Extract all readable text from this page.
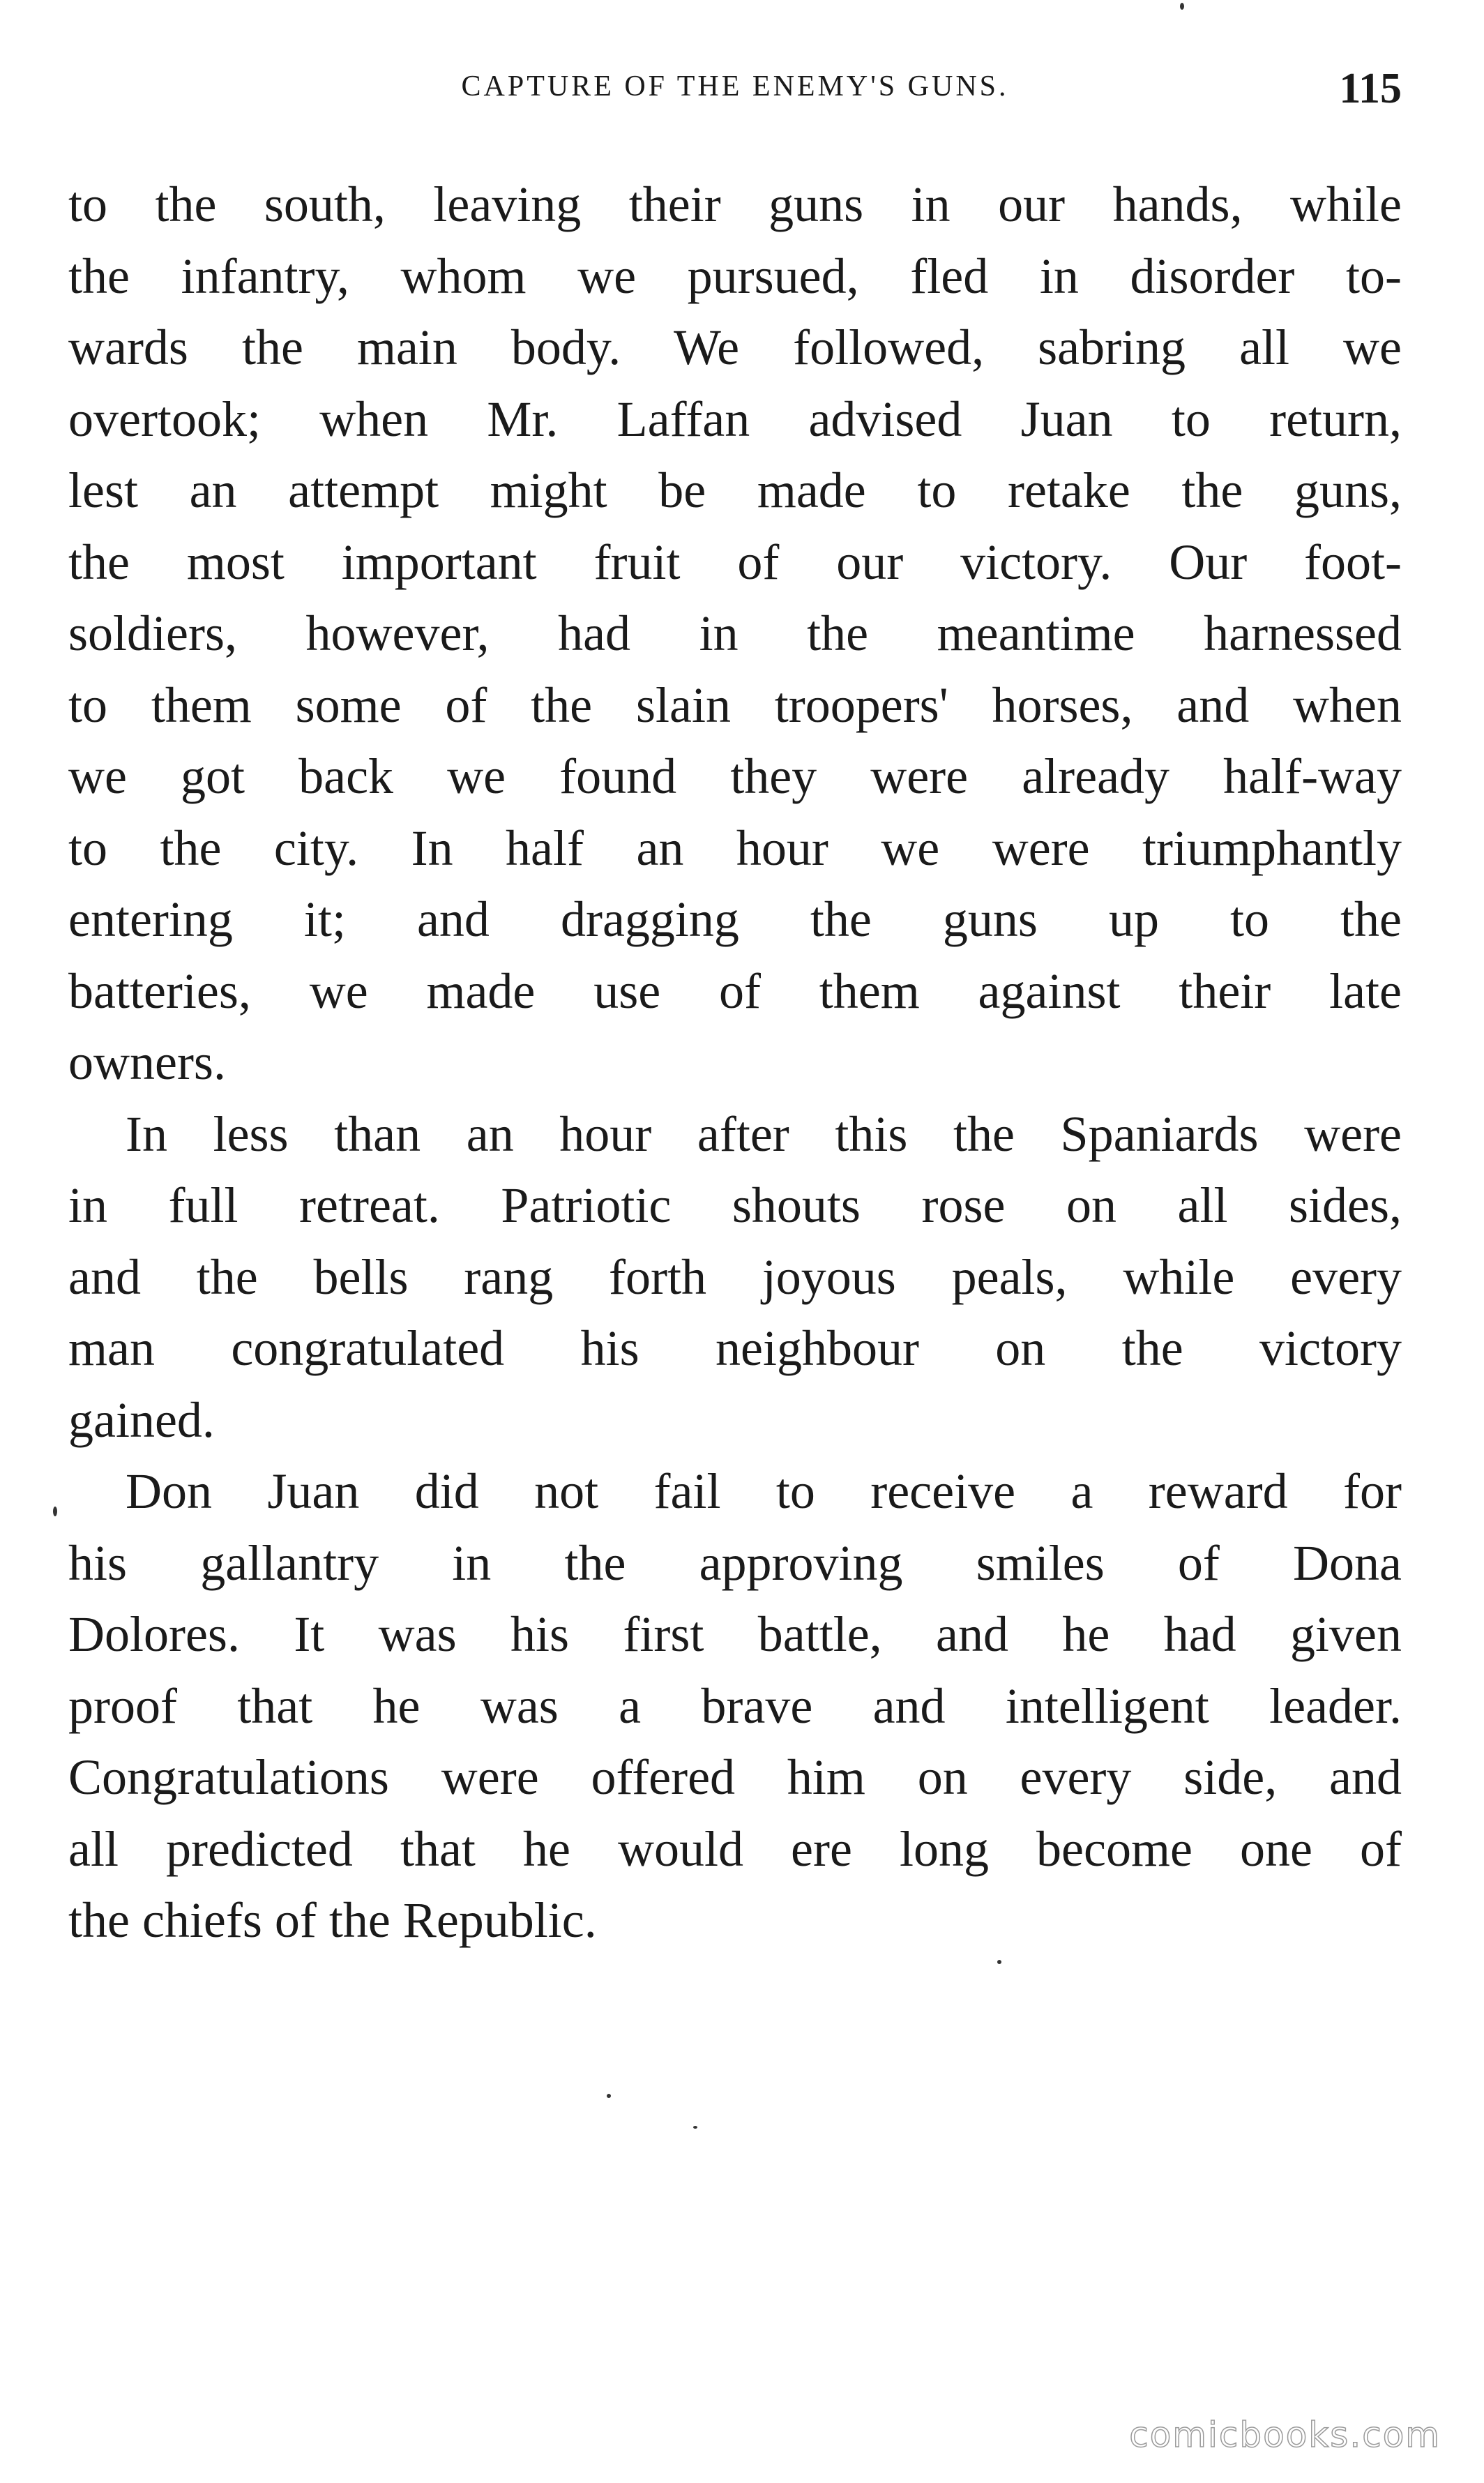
CAPTURE OF THE ENEMY'S GUNS.	115
to the south, leaving their guns in our hands, while
the infantry, whom we pursued, fled in disorder to-
wards the main body. We followed, sabring all we
overtook; when Mr. Laffan advised Juan to return,
lest an attempt might be made to retake the guns,
the most important fruit of our victory. Our foot-
soldiers, however, had in the meantime harnessed
to them some of the slain troopers' horses, and when
we got back we found they were already half-way
to the city. In half an hour we were triumphantly
entering it; and dragging the guns up to the
batteries, we made use of them against their late
owners.
In less than an hour after this the Spaniards were
in full retreat. Patriotic shouts rose on all sides,
and the bells rang forth joyous peals, while every
man congratulated his neighbour on the victory
gained.
Don Juan did not fail to receive a reward for
his gallantry in the approving smiles of Dona
Dolores. It was his first battle, and he had given
proof that he was a brave and intelligent leader.
Congratulations were offered him on every side, and
all predicted that he would ere long become one of
the chiefs of the Republic.
comicbooks.com
